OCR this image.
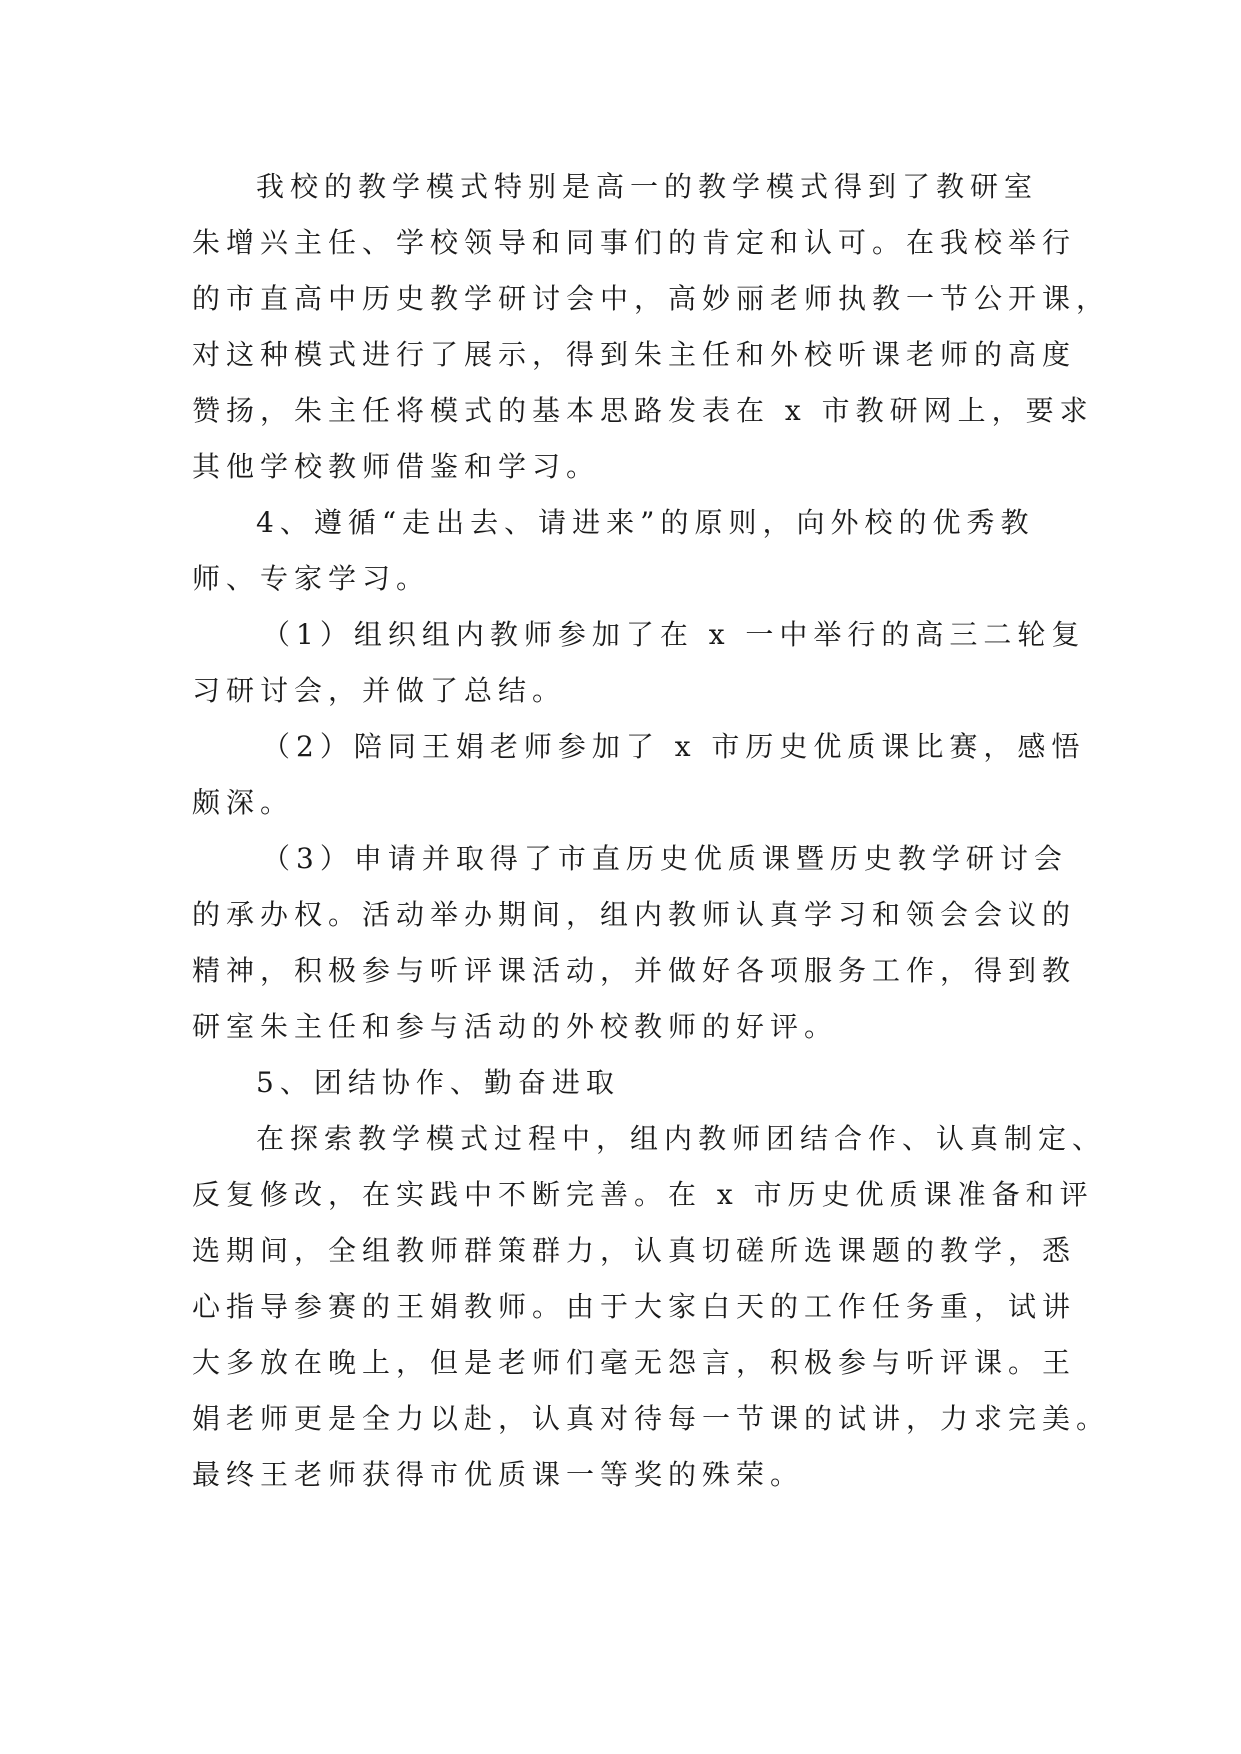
我校的教学模式特别是高一的教学模式得到了教研室
朱增兴主任、学校领导和同事们的肯定和认可。在我校举行
的市直高中历史教学研讨会中，高妙丽老师执教一节公开课，
对这种模式进行了展示，得到朱主任和外校听课老师的高度
赞扬，朱主任将模式的基本思路发表在 x 市教研网上，要求
其他学校教师借鉴和学习。

4、遵循“走出去、请进来”的原则，向外校的优秀教
师、专家学习。

（1）组织组内教师参加了在 x 一中举行的高三二轮复
习研讨会，并做了总结。

（2）陪同王娟老师参加了 x 市历史优质课比赛，感悟
颇深。

（3）申请并取得了市直历史优质课暨历史教学研讨会
的承办权。活动举办期间，组内教师认真学习和领会会议的
精神，积极参与听评课活动，并做好各项服务工作，得到教
研室朱主任和参与活动的外校教师的好评。

5、团结协作、勤奋进取

在探索教学模式过程中，组内教师团结合作、认真制定、
反复修改，在实践中不断完善。在 x 市历史优质课准备和评
选期间，全组教师群策群力，认真切磋所选课题的教学，悉
心指导参赛的王娟教师。由于大家白天的工作任务重，试讲
大多放在晚上，但是老师们毫无怨言，积极参与听评课。王
娟老师更是全力以赴，认真对待每一节课的试讲，力求完美。
最终王老师获得市优质课一等奖的殊荣。
